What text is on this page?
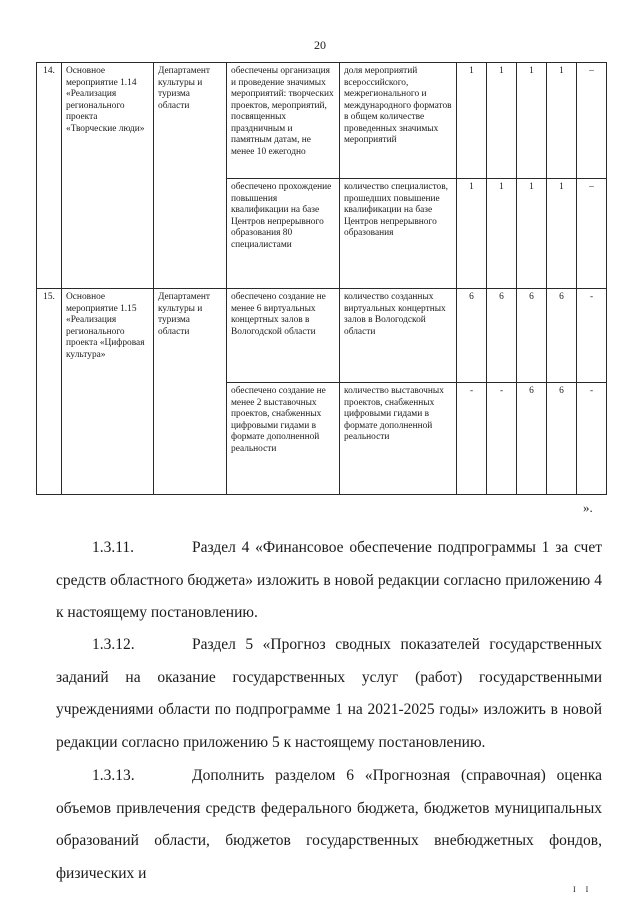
20
14.	Основное мероприятие 1.14 «Реализация регионального проекта «Творческие люди»	Департамент культуры и туризма области	обеспечены организация и проведение значимых мероприятий: творческих проектов, мероприятий, посвященных праздничным и памятным датам, не менее 10 ежегодно	доля мероприятий всероссийского, межрегионального и международного форматов в общем количестве проведенных значимых мероприятий	1	1	1	1	–
			обеспечено прохождение повышения квалификации на базе Центров непрерывного образования 80 специалистами	количество специалистов, прошедших повышение квалификации на базе Центров непрерывного образования	1	1	1	1	–
15.	Основное мероприятие 1.15 «Реализация регионального проекта «Цифровая культура»	Департамент культуры и туризма области	обеспечено создание не менее 6 виртуальных концертных залов в Вологодской области	количество созданных виртуальных концертных залов в Вологодской области	6	6	6	6	-
			обеспечено создание не менее 2 выставочных проектов, снабженных цифровыми гидами в формате дополненной реальности	количество выставочных проектов, снабженных цифровыми гидами в формате дополненной реальности	-	-	6	6	-
».
1.3.11.	Раздел 4 «Финансовое обеспечение подпрограммы 1 за счет средств областного бюджета» изложить в новой редакции согласно приложению 4 к настоящему постановлению.
1.3.12.	Раздел 5 «Прогноз сводных показателей государственных заданий на оказание государственных услуг (работ) государственными учреждениями области по подпрограмме 1 на 2021-2025 годы» изложить в новой редакции согласно приложению 5 к настоящему постановлению.
1.3.13.	Дополнить разделом 6 «Прогнозная (справочная) оценка объемов привлечения средств федерального бюджета, бюджетов муниципальных образований области, бюджетов государственных внебюджетных фондов, физических и
I I
